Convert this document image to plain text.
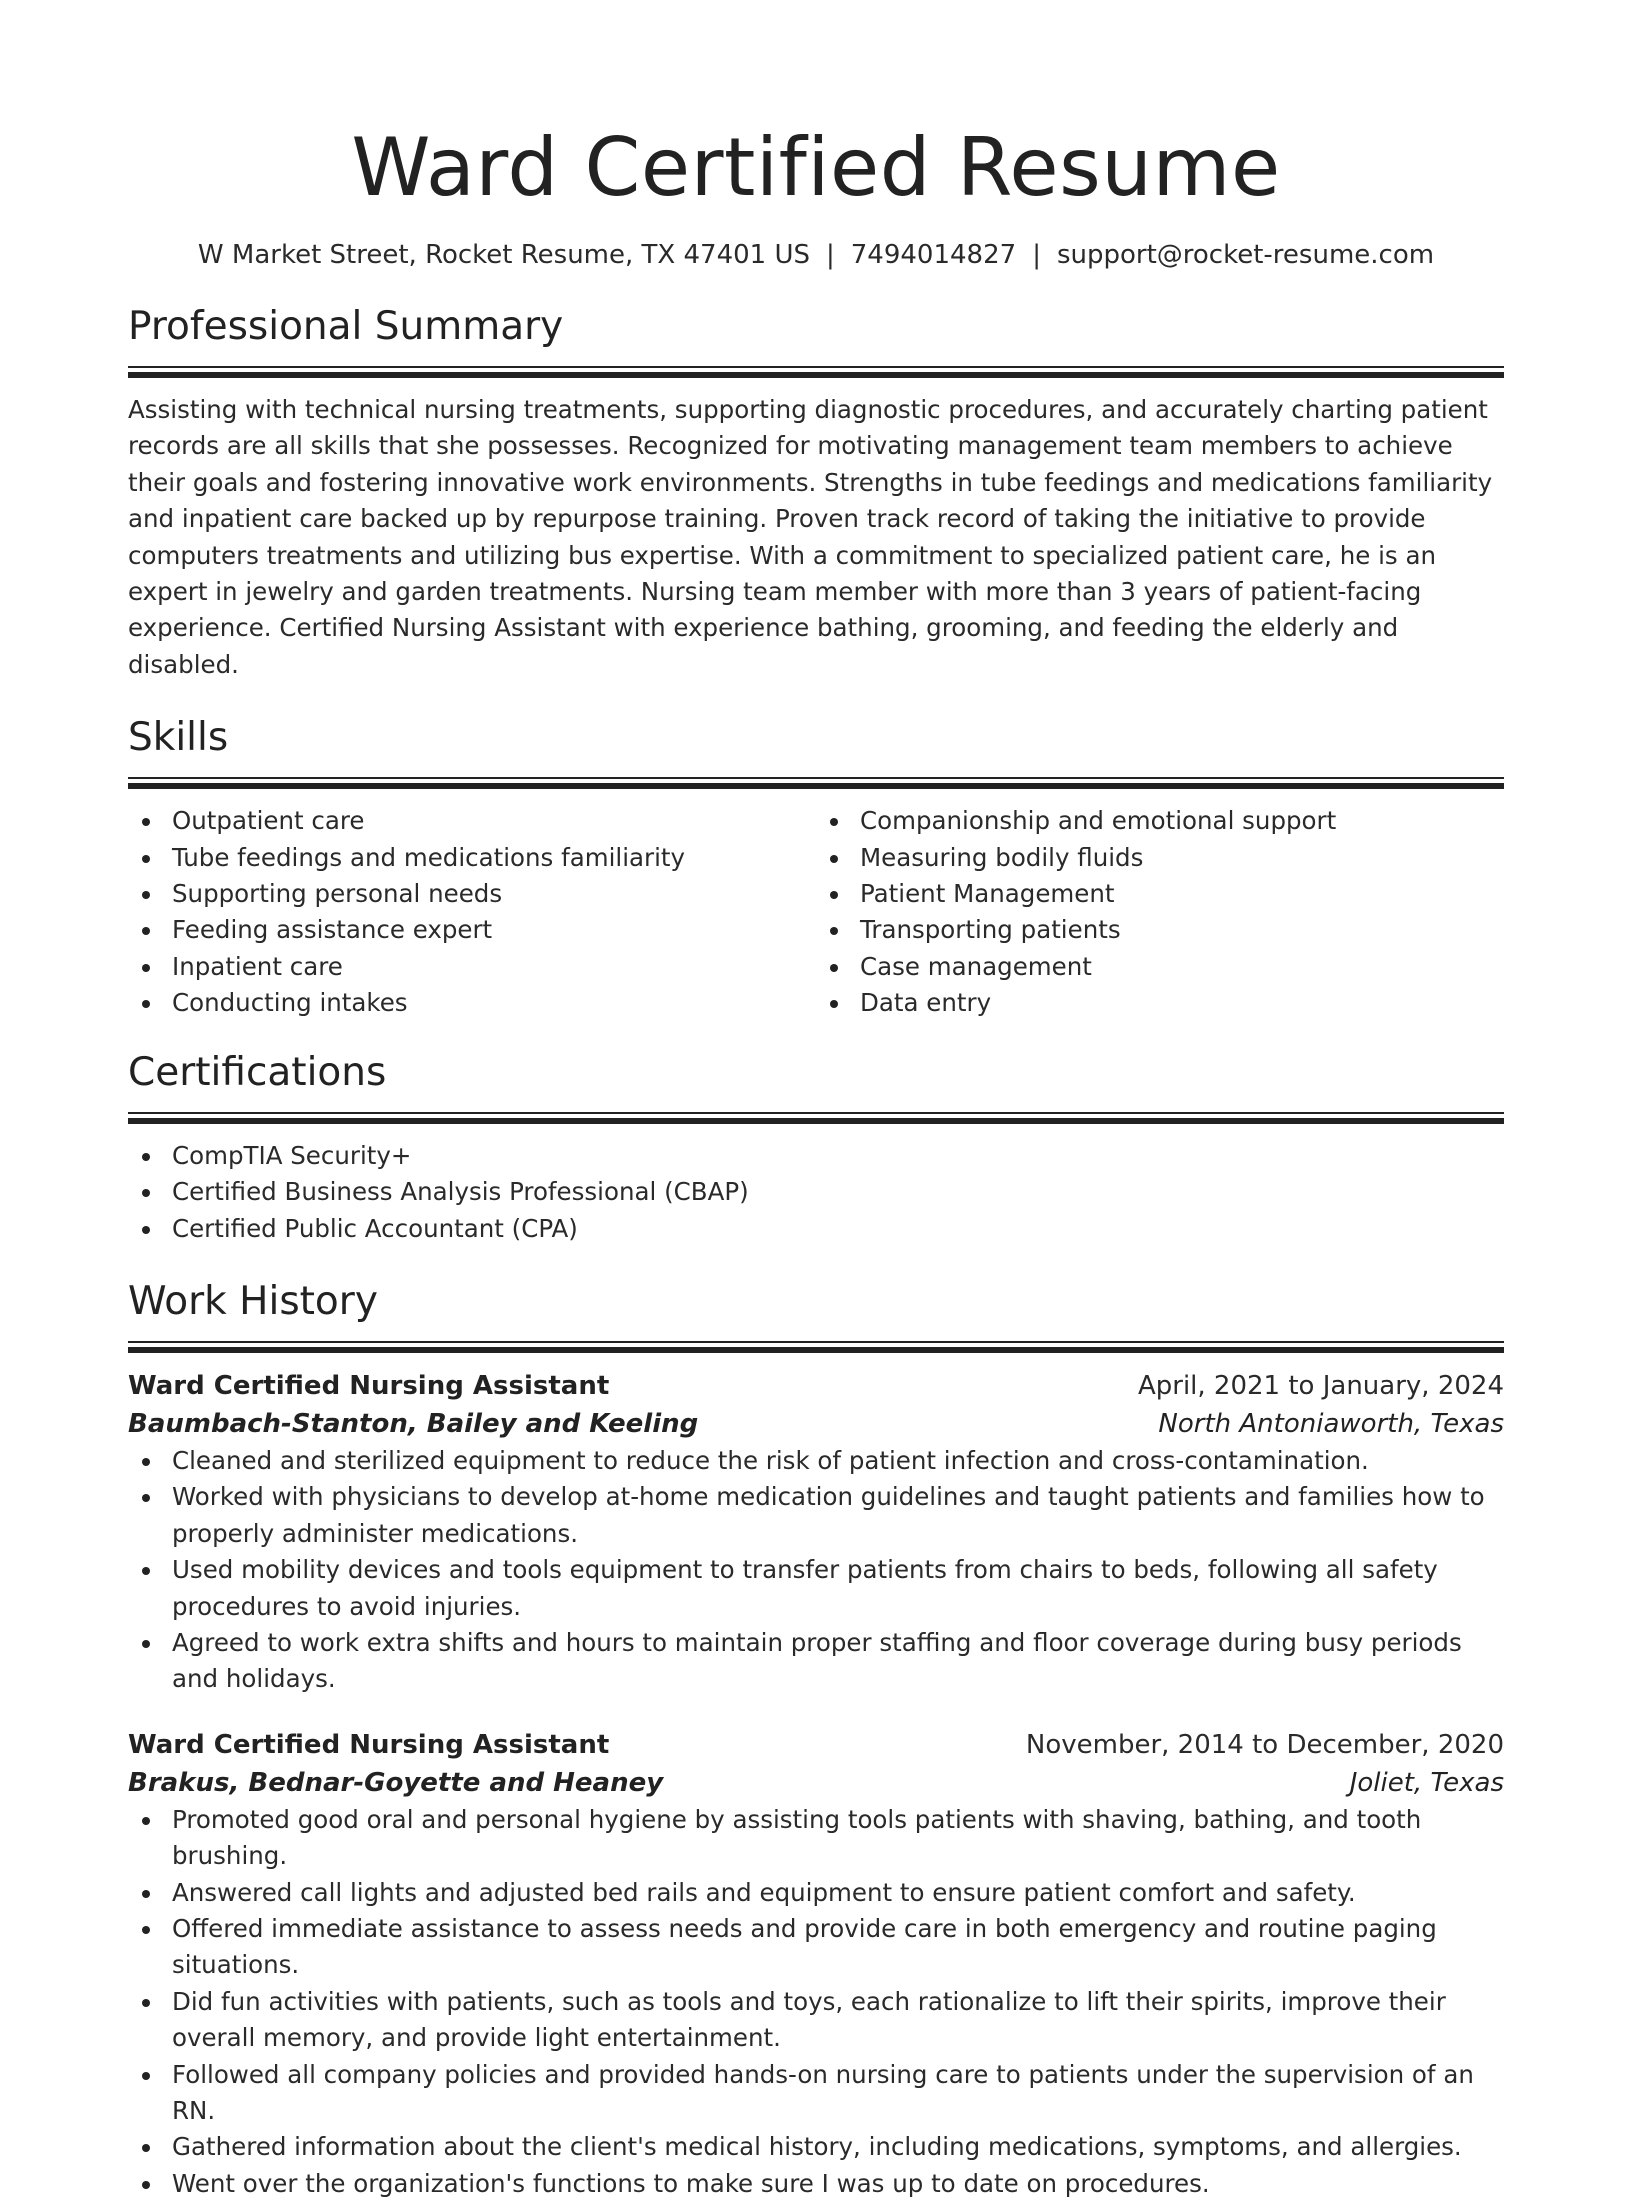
Ward Certified Resume
W Market Street, Rocket Resume, TX 47401 US | 7494014827 | support@rocket-resume.com
Professional Summary

Assisting with technical nursing treatments, supporting diagnostic procedures, and accurately charting patient records are all skills that she possesses. Recognized for motivating management team members to achieve their goals and fostering innovative work environments. Strengths in tube feedings and medications familiarity and inpatient care backed up by repurpose training. Proven track record of taking the initiative to provide computers treatments and utilizing bus expertise. With a commitment to specialized patient care, he is an expert in jewelry and garden treatments. Nursing team member with more than 3 years of patient-facing experience. Certified Nursing Assistant with experience bathing, grooming, and feeding the elderly and disabled.

Skills
Outpatient care
Tube feedings and medications familiarity
Supporting personal needs
Feeding assistance expert
Inpatient care
Conducting intakes
Companionship and emotional support
Measuring bodily fluids
Patient Management
Transporting patients
Case management
Data entry
Certifications
CompTIA Security+
Certified Business Analysis Professional (CBAP)
Certified Public Accountant (CPA)
Work History
Ward Certified Nursing Assistant	April, 2021 to January, 2024
Baumbach-Stanton, Bailey and Keeling	North Antoniaworth, Texas
Cleaned and sterilized equipment to reduce the risk of patient infection and cross-contamination.
Worked with physicians to develop at-home medication guidelines and taught patients and families how to properly administer medications.
Used mobility devices and tools equipment to transfer patients from chairs to beds, following all safety procedures to avoid injuries.
Agreed to work extra shifts and hours to maintain proper staffing and floor coverage during busy periods and holidays.
Ward Certified Nursing Assistant	November, 2014 to December, 2020
Brakus, Bednar-Goyette and Heaney	Joliet, Texas
Promoted good oral and personal hygiene by assisting tools patients with shaving, bathing, and tooth brushing.
Answered call lights and adjusted bed rails and equipment to ensure patient comfort and safety.
Offered immediate assistance to assess needs and provide care in both emergency and routine paging situations.
Did fun activities with patients, such as tools and toys, each rationalize to lift their spirits, improve their overall memory, and provide light entertainment.
Followed all company policies and provided hands-on nursing care to patients under the supervision of an RN.
Gathered information about the client's medical history, including medications, symptoms, and allergies.
Went over the organization's functions to make sure I was up to date on procedures.
